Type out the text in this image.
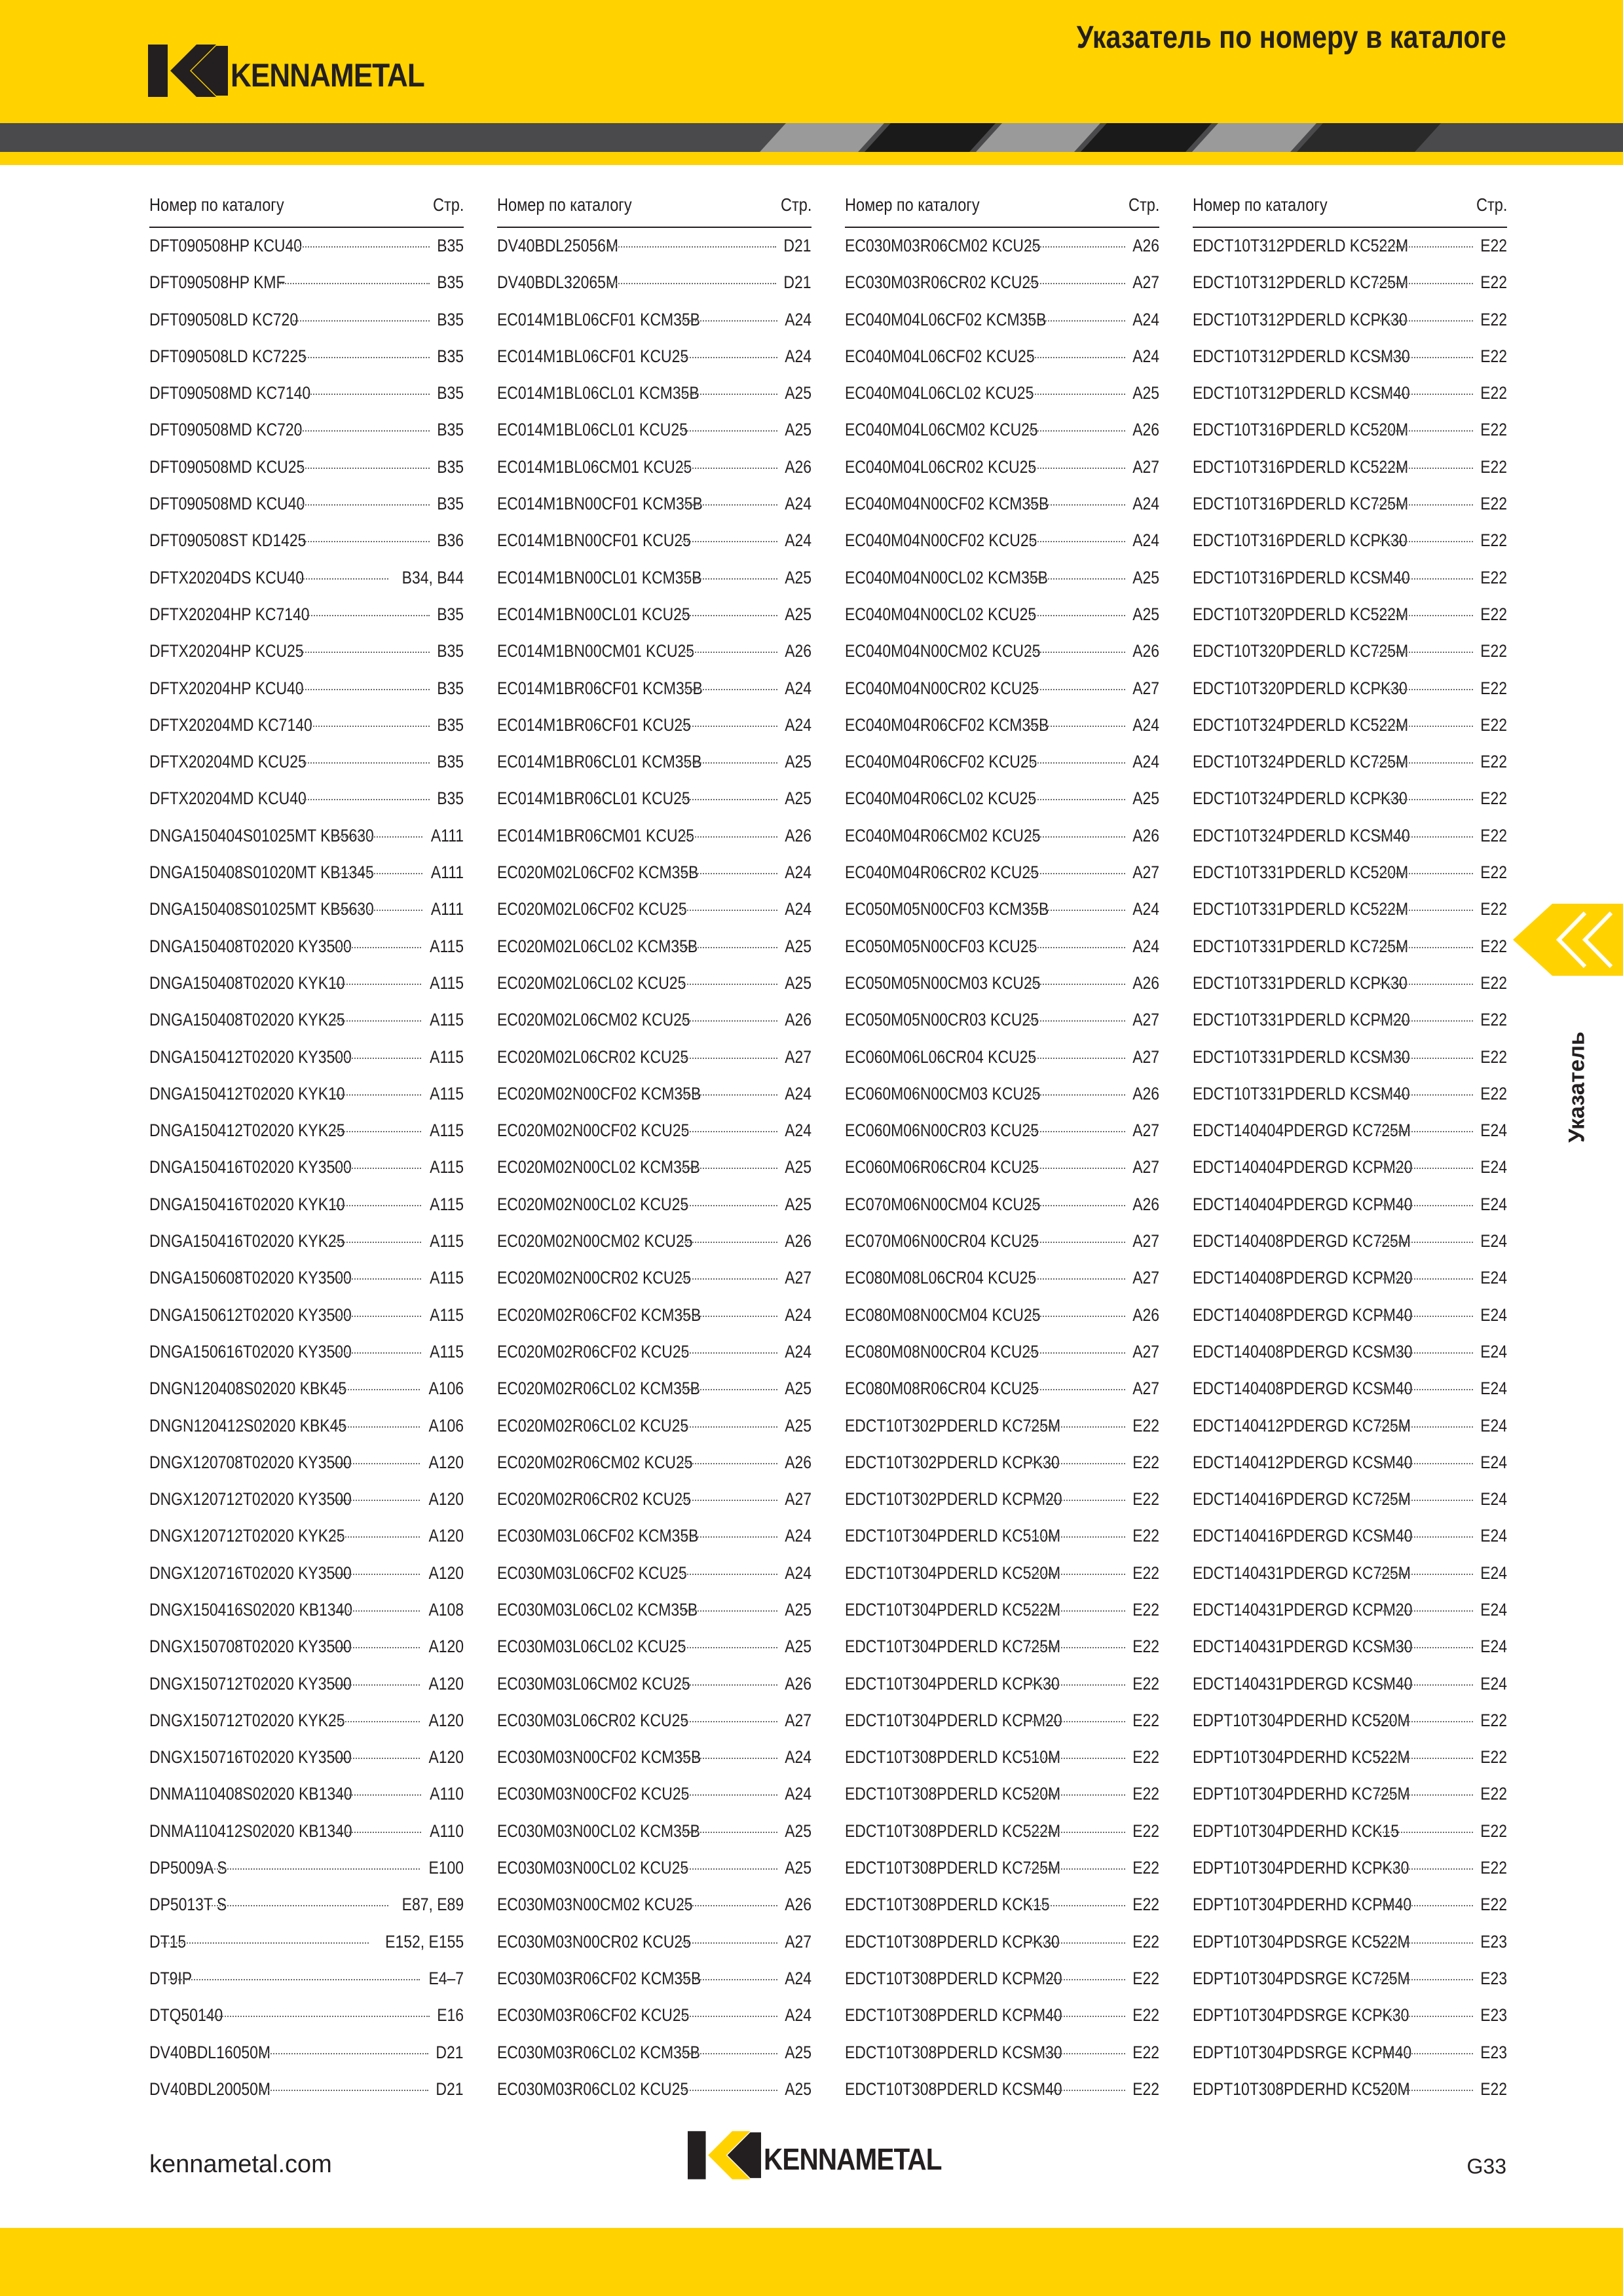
KENNAMETAL
Указатель по номеру в каталоге
Номер по каталогу	Стр.
DFT090508HP KCU40	B35
DFT090508HP KMF	B35
DFT090508LD KC720	B35
DFT090508LD KC7225	B35
DFT090508MD KC7140	B35
DFT090508MD KC720	B35
DFT090508MD KCU25	B35
DFT090508MD KCU40	B35
DFT090508ST KD1425	B36
DFTX20204DS KCU40	B34, B44
DFTX20204HP KC7140	B35
DFTX20204HP KCU25	B35
DFTX20204HP KCU40	B35
DFTX20204MD KC7140	B35
DFTX20204MD KCU25	B35
DFTX20204MD KCU40	B35
DNGA150404S01025MT KB5630	A111
DNGA150408S01020MT KB1345	A111
DNGA150408S01025MT KB5630	A111
DNGA150408T02020 KY3500	A115
DNGA150408T02020 KYK10	A115
DNGA150408T02020 KYK25	A115
DNGA150412T02020 KY3500	A115
DNGA150412T02020 KYK10	A115
DNGA150412T02020 KYK25	A115
DNGA150416T02020 KY3500	A115
DNGA150416T02020 KYK10	A115
DNGA150416T02020 KYK25	A115
DNGA150608T02020 KY3500	A115
DNGA150612T02020 KY3500	A115
DNGA150616T02020 KY3500	A115
DNGN120408S02020 KBK45	A106
DNGN120412S02020 KBK45	A106
DNGX120708T02020 KY3500	A120
DNGX120712T02020 KY3500	A120
DNGX120712T02020 KYK25	A120
DNGX120716T02020 KY3500	A120
DNGX150416S02020 KB1340	A108
DNGX150708T02020 KY3500	A120
DNGX150712T02020 KY3500	A120
DNGX150712T02020 KYK25	A120
DNGX150716T02020 KY3500	A120
DNMA110408S02020 KB1340	A110
DNMA110412S02020 KB1340	A110
DP5009A S	E100
DP5013T S	E87, E89
DT15	E152, E155
DT9IP	E4–7
DTQ50140	E16
DV40BDL16050M	D21
DV40BDL20050M	D21
Номер по каталогу	Стр.
DV40BDL25056M	D21
DV40BDL32065M	D21
EC014M1BL06CF01 KCM35B	A24
EC014M1BL06CF01 KCU25	A24
EC014M1BL06CL01 KCM35B	A25
EC014M1BL06CL01 KCU25	A25
EC014M1BL06CM01 KCU25	A26
EC014M1BN00CF01 KCM35B	A24
EC014M1BN00CF01 KCU25	A24
EC014M1BN00CL01 KCM35B	A25
EC014M1BN00CL01 KCU25	A25
EC014M1BN00CM01 KCU25	A26
EC014M1BR06CF01 KCM35B	A24
EC014M1BR06CF01 KCU25	A24
EC014M1BR06CL01 KCM35B	A25
EC014M1BR06CL01 KCU25	A25
EC014M1BR06CM01 KCU25	A26
EC020M02L06CF02 KCM35B	A24
EC020M02L06CF02 KCU25	A24
EC020M02L06CL02 KCM35B	A25
EC020M02L06CL02 KCU25	A25
EC020M02L06CM02 KCU25	A26
EC020M02L06CR02 KCU25	A27
EC020M02N00CF02 KCM35B	A24
EC020M02N00CF02 KCU25	A24
EC020M02N00CL02 KCM35B	A25
EC020M02N00CL02 KCU25	A25
EC020M02N00CM02 KCU25	A26
EC020M02N00CR02 KCU25	A27
EC020M02R06CF02 KCM35B	A24
EC020M02R06CF02 KCU25	A24
EC020M02R06CL02 KCM35B	A25
EC020M02R06CL02 KCU25	A25
EC020M02R06CM02 KCU25	A26
EC020M02R06CR02 KCU25	A27
EC030M03L06CF02 KCM35B	A24
EC030M03L06CF02 KCU25	A24
EC030M03L06CL02 KCM35B	A25
EC030M03L06CL02 KCU25	A25
EC030M03L06CM02 KCU25	A26
EC030M03L06CR02 KCU25	A27
EC030M03N00CF02 KCM35B	A24
EC030M03N00CF02 KCU25	A24
EC030M03N00CL02 KCM35B	A25
EC030M03N00CL02 KCU25	A25
EC030M03N00CM02 KCU25	A26
EC030M03N00CR02 KCU25	A27
EC030M03R06CF02 KCM35B	A24
EC030M03R06CF02 KCU25	A24
EC030M03R06CL02 KCM35B	A25
EC030M03R06CL02 KCU25	A25
Номер по каталогу	Стр.
EC030M03R06CM02 KCU25	A26
EC030M03R06CR02 KCU25	A27
EC040M04L06CF02 KCM35B	A24
EC040M04L06CF02 KCU25	A24
EC040M04L06CL02 KCU25	A25
EC040M04L06CM02 KCU25	A26
EC040M04L06CR02 KCU25	A27
EC040M04N00CF02 KCM35B	A24
EC040M04N00CF02 KCU25	A24
EC040M04N00CL02 KCM35B	A25
EC040M04N00CL02 KCU25	A25
EC040M04N00CM02 KCU25	A26
EC040M04N00CR02 KCU25	A27
EC040M04R06CF02 KCM35B	A24
EC040M04R06CF02 KCU25	A24
EC040M04R06CL02 KCU25	A25
EC040M04R06CM02 KCU25	A26
EC040M04R06CR02 KCU25	A27
EC050M05N00CF03 KCM35B	A24
EC050M05N00CF03 KCU25	A24
EC050M05N00CM03 KCU25	A26
EC050M05N00CR03 KCU25	A27
EC060M06L06CR04 KCU25	A27
EC060M06N00CM03 KCU25	A26
EC060M06N00CR03 KCU25	A27
EC060M06R06CR04 KCU25	A27
EC070M06N00CM04 KCU25	A26
EC070M06N00CR04 KCU25	A27
EC080M08L06CR04 KCU25	A27
EC080M08N00CM04 KCU25	A26
EC080M08N00CR04 KCU25	A27
EC080M08R06CR04 KCU25	A27
EDCT10T302PDERLD KC725M	E22
EDCT10T302PDERLD KCPK30	E22
EDCT10T302PDERLD KCPM20	E22
EDCT10T304PDERLD KC510M	E22
EDCT10T304PDERLD KC520M	E22
EDCT10T304PDERLD KC522M	E22
EDCT10T304PDERLD KC725M	E22
EDCT10T304PDERLD KCPK30	E22
EDCT10T304PDERLD KCPM20	E22
EDCT10T308PDERLD KC510M	E22
EDCT10T308PDERLD KC520M	E22
EDCT10T308PDERLD KC522M	E22
EDCT10T308PDERLD KC725M	E22
EDCT10T308PDERLD KCK15	E22
EDCT10T308PDERLD KCPK30	E22
EDCT10T308PDERLD KCPM20	E22
EDCT10T308PDERLD KCPM40	E22
EDCT10T308PDERLD KCSM30	E22
EDCT10T308PDERLD KCSM40	E22
Номер по каталогу	Стр.
EDCT10T312PDERLD KC522M	E22
EDCT10T312PDERLD KC725M	E22
EDCT10T312PDERLD KCPK30	E22
EDCT10T312PDERLD KCSM30	E22
EDCT10T312PDERLD KCSM40	E22
EDCT10T316PDERLD KC520M	E22
EDCT10T316PDERLD KC522M	E22
EDCT10T316PDERLD KC725M	E22
EDCT10T316PDERLD KCPK30	E22
EDCT10T316PDERLD KCSM40	E22
EDCT10T320PDERLD KC522M	E22
EDCT10T320PDERLD KC725M	E22
EDCT10T320PDERLD KCPK30	E22
EDCT10T324PDERLD KC522M	E22
EDCT10T324PDERLD KC725M	E22
EDCT10T324PDERLD KCPK30	E22
EDCT10T324PDERLD KCSM40	E22
EDCT10T331PDERLD KC520M	E22
EDCT10T331PDERLD KC522M	E22
EDCT10T331PDERLD KC725M	E22
EDCT10T331PDERLD KCPK30	E22
EDCT10T331PDERLD KCPM20	E22
EDCT10T331PDERLD KCSM30	E22
EDCT10T331PDERLD KCSM40	E22
EDCT140404PDERGD KC725M	E24
EDCT140404PDERGD KCPM20	E24
EDCT140404PDERGD KCPM40	E24
EDCT140408PDERGD KC725M	E24
EDCT140408PDERGD KCPM20	E24
EDCT140408PDERGD KCPM40	E24
EDCT140408PDERGD KCSM30	E24
EDCT140408PDERGD KCSM40	E24
EDCT140412PDERGD KC725M	E24
EDCT140412PDERGD KCSM40	E24
EDCT140416PDERGD KC725M	E24
EDCT140416PDERGD KCSM40	E24
EDCT140431PDERGD KC725M	E24
EDCT140431PDERGD KCPM20	E24
EDCT140431PDERGD KCSM30	E24
EDCT140431PDERGD KCSM40	E24
EDPT10T304PDERHD KC520M	E22
EDPT10T304PDERHD KC522M	E22
EDPT10T304PDERHD KC725M	E22
EDPT10T304PDERHD KCK15	E22
EDPT10T304PDERHD KCPK30	E22
EDPT10T304PDERHD KCPM40	E22
EDPT10T304PDSRGE KC522M	E23
EDPT10T304PDSRGE KC725M	E23
EDPT10T304PDSRGE KCPK30	E23
EDPT10T304PDSRGE KCPM40	E23
EDPT10T308PDERHD KC520M	E22
Указатель
kennametal.com	KENNAMETAL	G33
